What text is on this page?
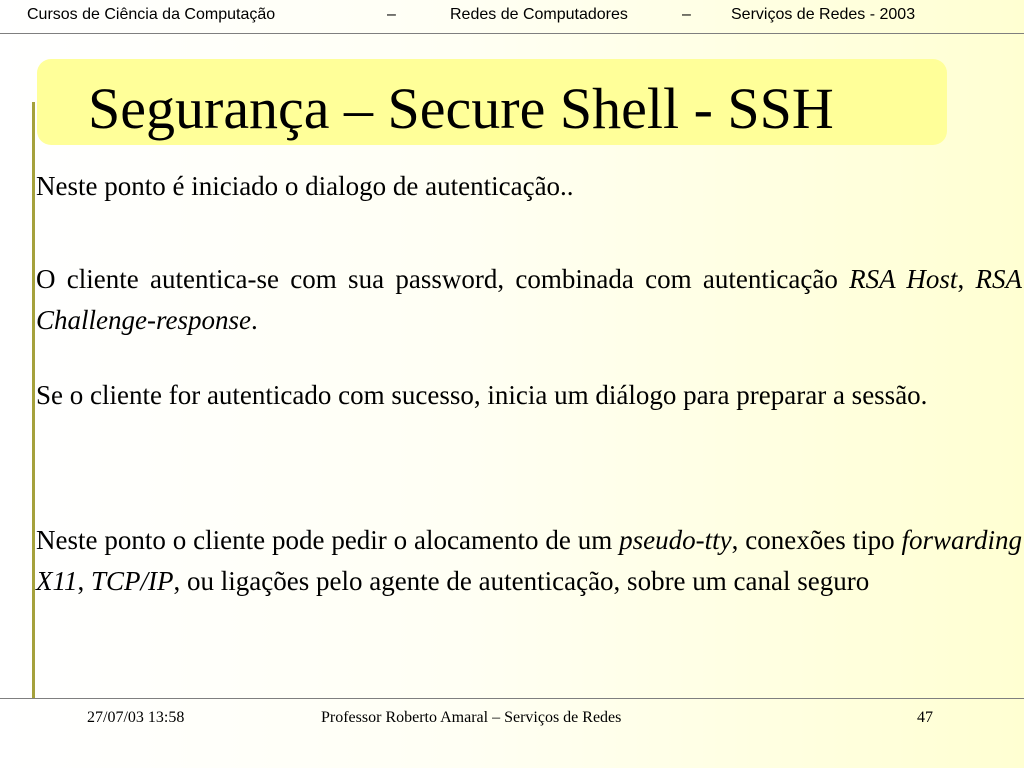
Cursos de Ciência da Computação	–	Redes de Computadores	–	Serviços de Redes - 2003
Segurança – Secure Shell - SSH
Neste ponto é iniciado o dialogo de autenticação..
O cliente autentica-se com sua password, combinada com autenticação RSA Host, RSA Challenge-response.
Se o cliente for autenticado com sucesso, inicia um diálogo para preparar a sessão.
Neste ponto o cliente pode pedir o alocamento de um pseudo-tty, conexões tipo forwarding X11, TCP/IP, ou ligações pelo agente de autenticação, sobre um canal seguro
27/07/03 13:58	Professor Roberto Amaral – Serviços de Redes	47
